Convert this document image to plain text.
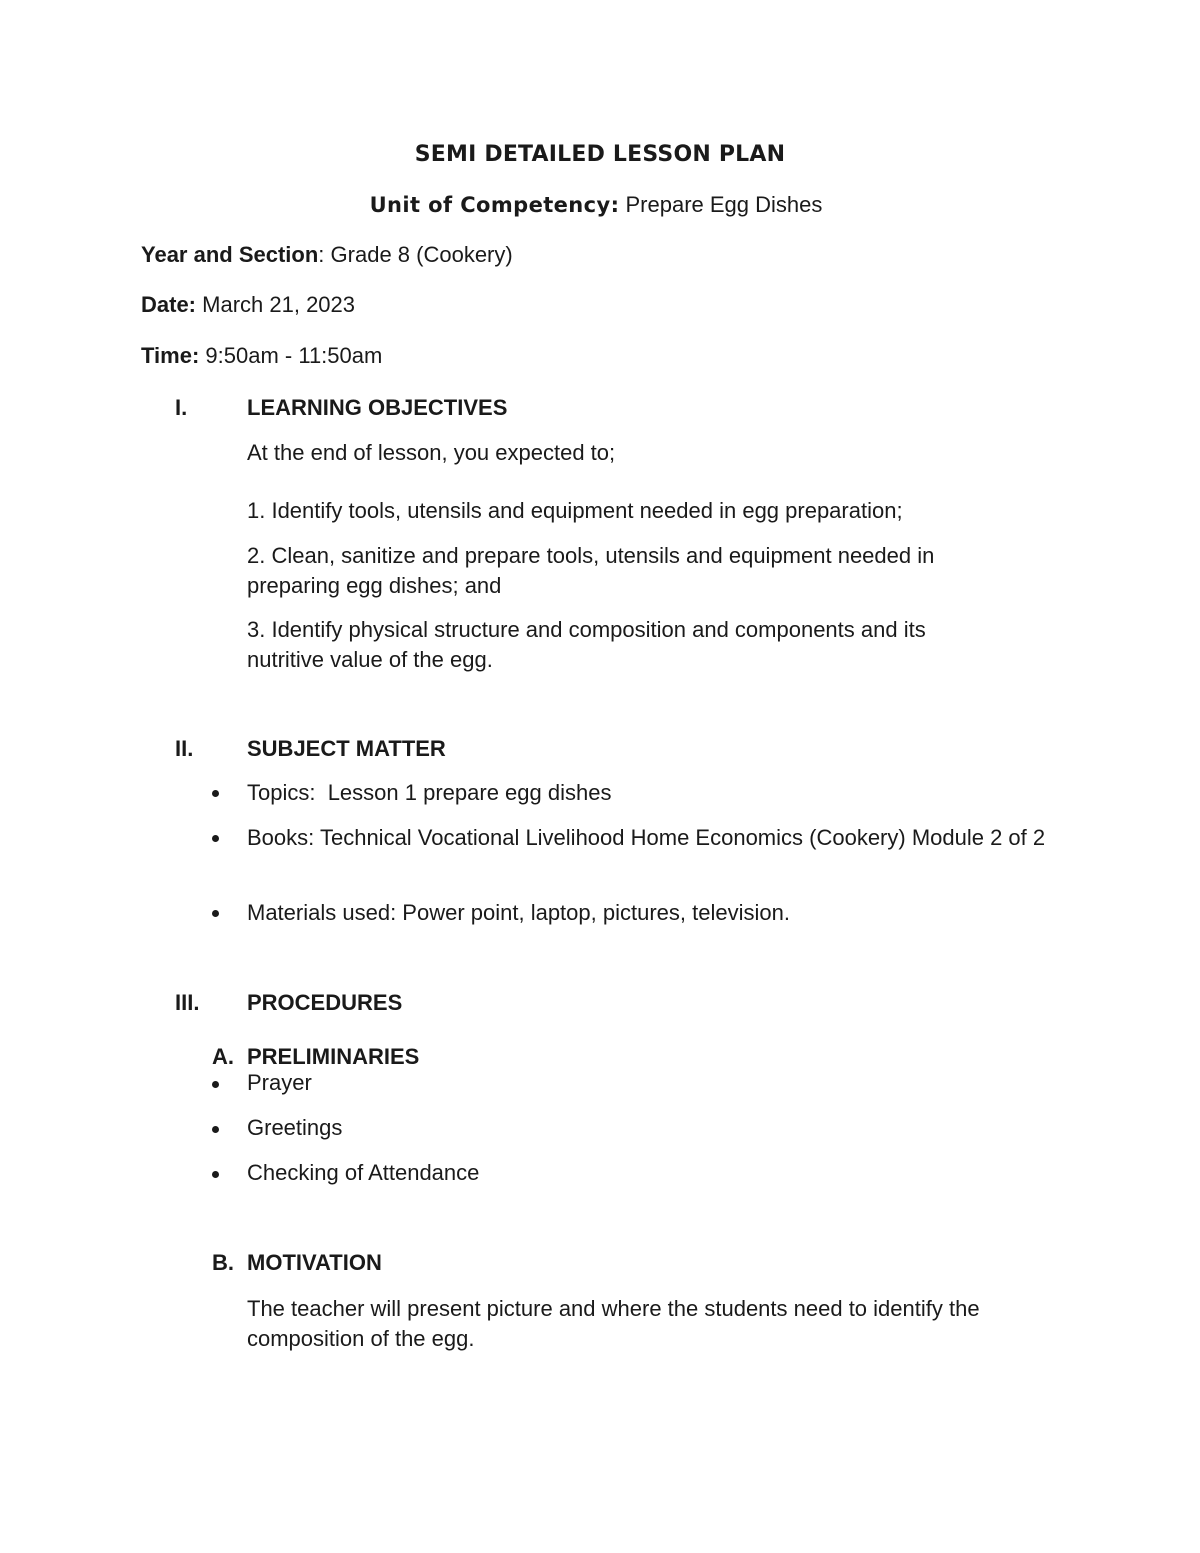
SEMI DETAILED LESSON PLAN
Unit of Competency: Prepare Egg Dishes
Year and Section: Grade 8 (Cookery)
Date: March 21, 2023
Time: 9:50am - 11:50am
I.	LEARNING OBJECTIVES
At the end of lesson, you expected to;
1. Identify tools, utensils and equipment needed in egg preparation;
2. Clean, sanitize and prepare tools, utensils and equipment needed in preparing egg dishes; and
3. Identify physical structure and composition and components and its nutritive value of the egg.
II. SUBJECT MATTER
Topics:  Lesson 1 prepare egg dishes
Books: Technical Vocational Livelihood Home Economics (Cookery) Module 2 of 2
Materials used: Power point, laptop, pictures, television.
III. PROCEDURES
A. PRELIMINARIES
Prayer
Greetings
Checking of Attendance
B. MOTIVATION
The teacher will present picture and where the students need to identify the composition of the egg.
